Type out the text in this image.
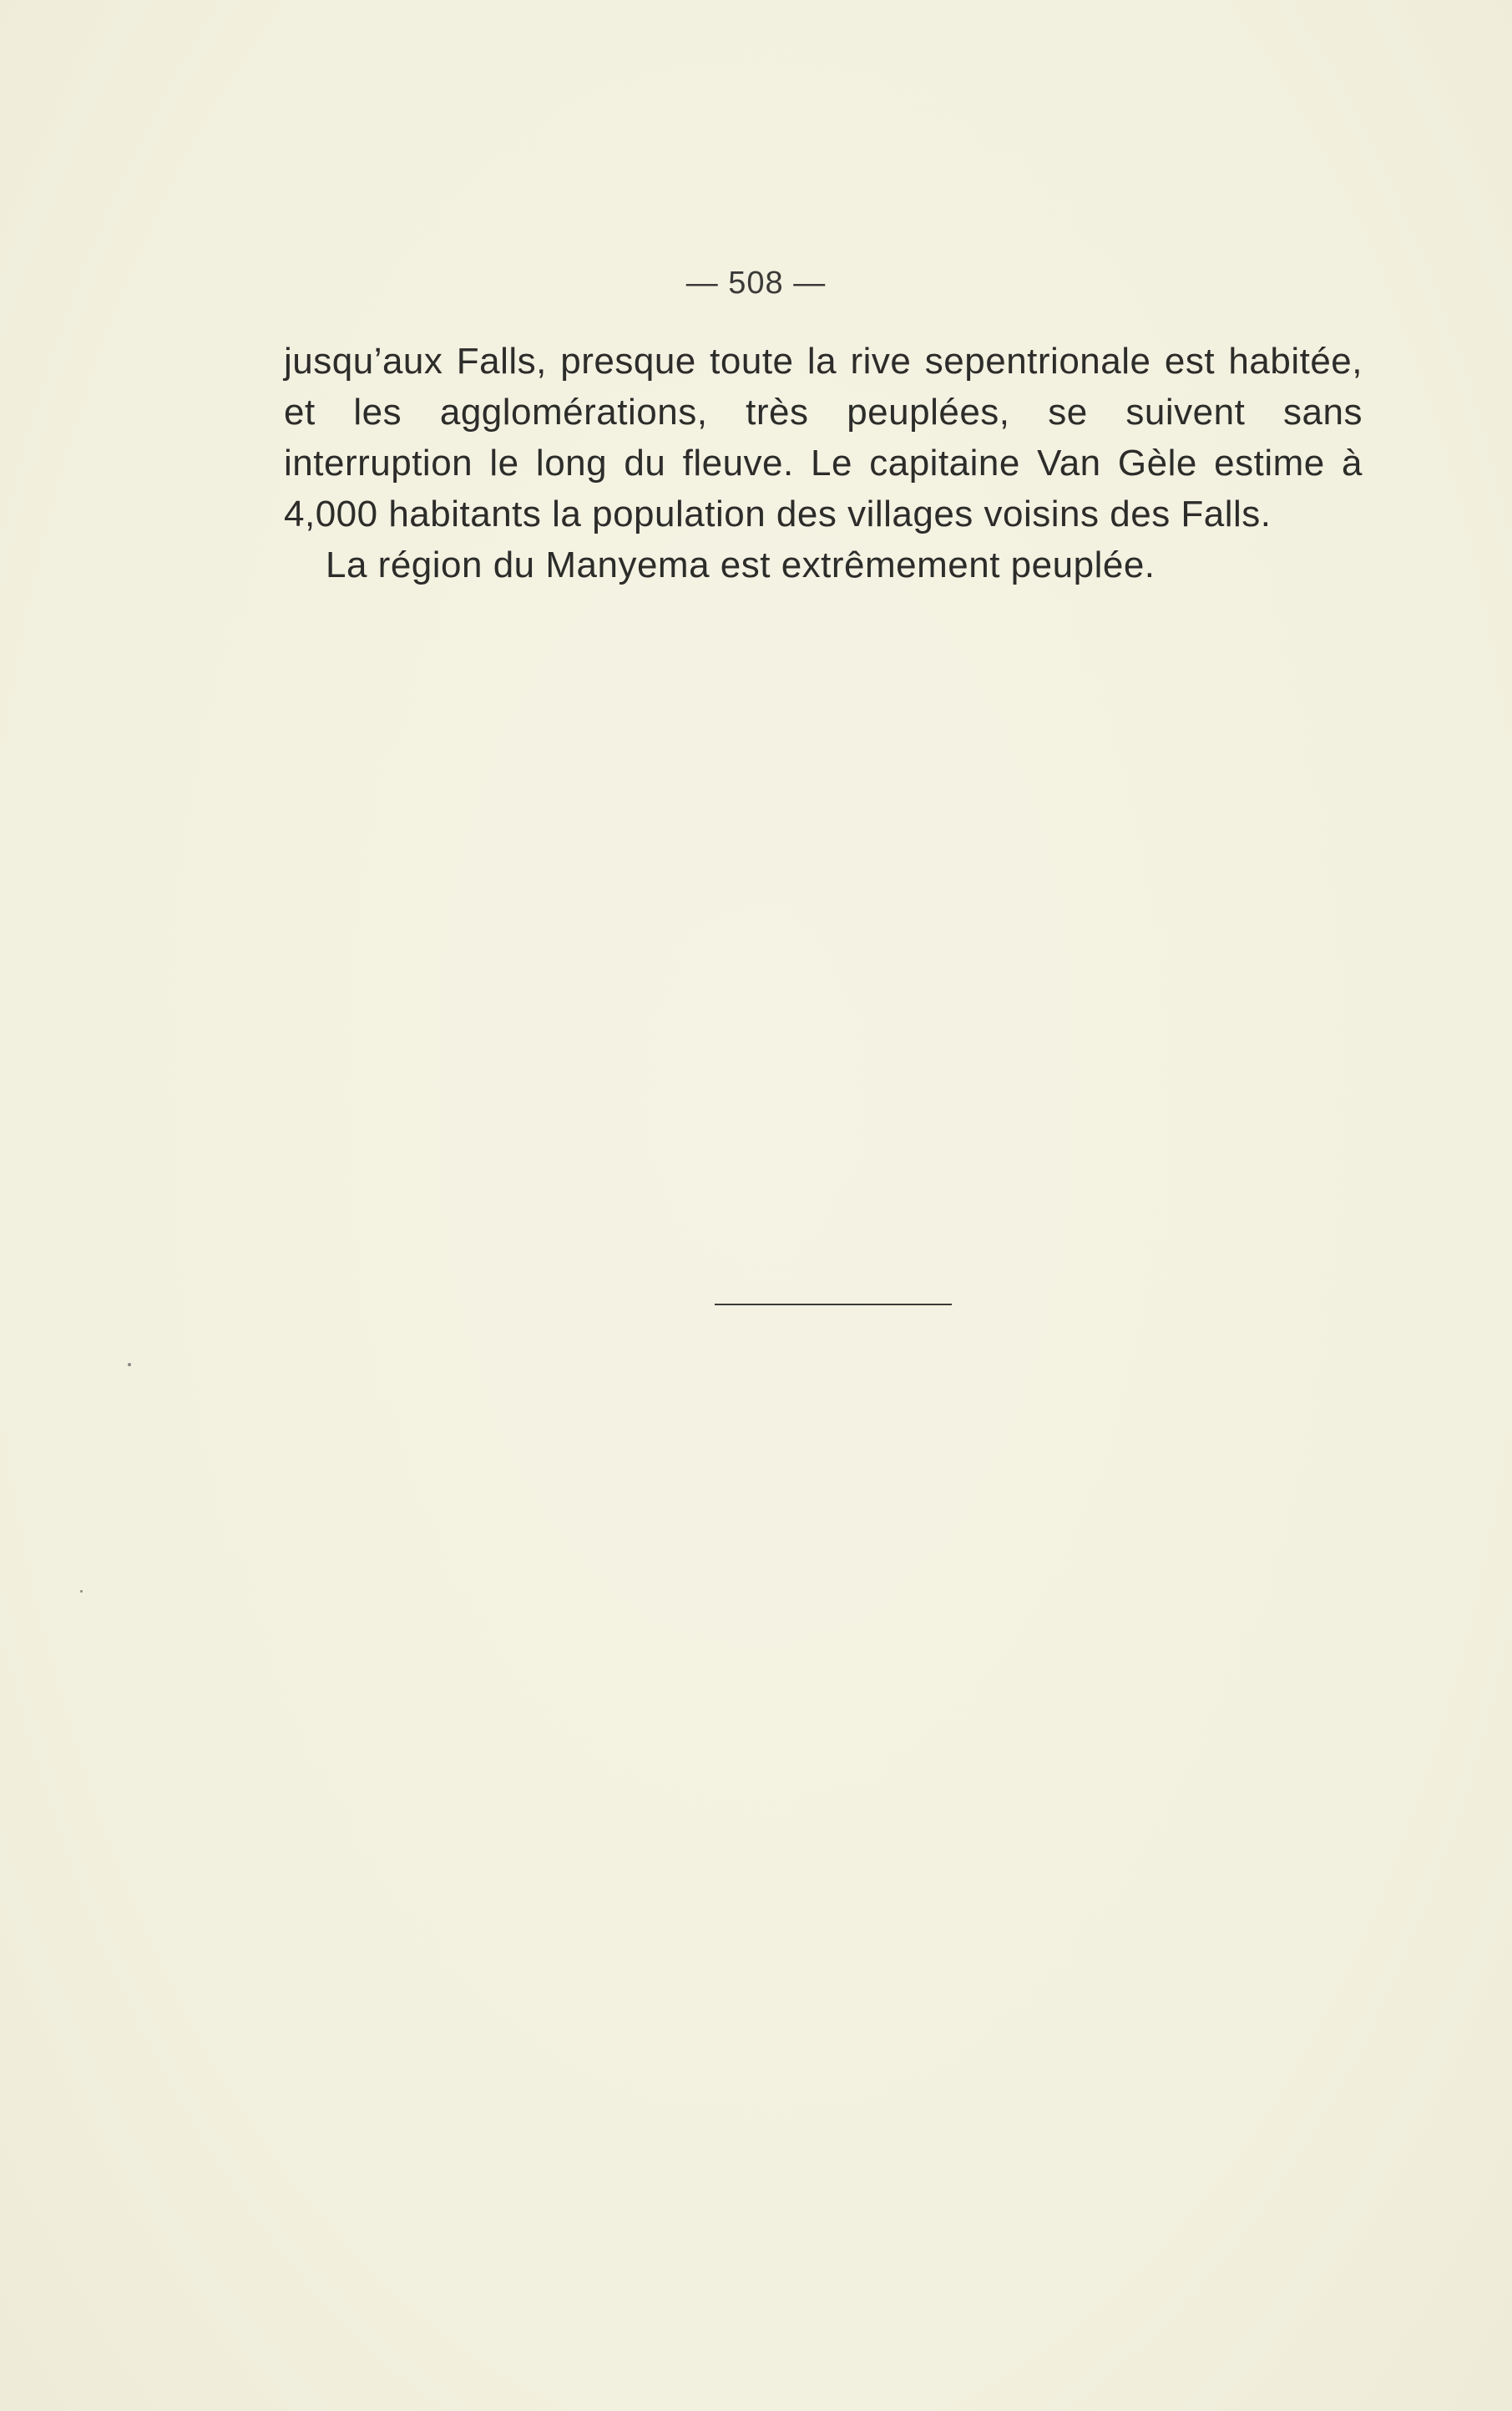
— 508 —

jusqu’aux Falls, presque toute la rive sepentrionale est habitée, et les agglomérations, très peuplées, se suivent sans interruption le long du fleuve. Le capitaine Van Gèle estime à 4,000 habitants la population des villages voisins des Falls.

La région du Manyema est extrêmement peuplée.
